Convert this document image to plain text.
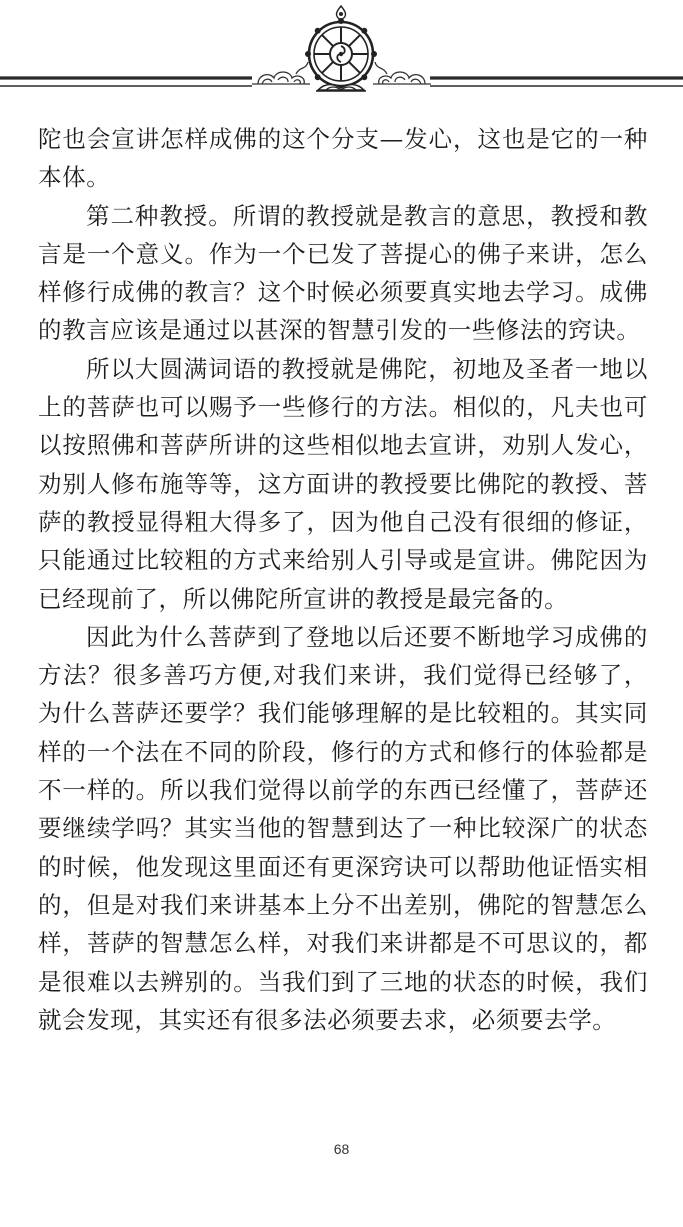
陀也会宣讲怎样成佛的这个分支—发心，这也是它的一种本体。

第二种教授。所谓的教授就是教言的意思，教授和教言是一个意义。作为一个已发了菩提心的佛子来讲，怎么样修行成佛的教言？这个时候必须要真实地去学习。成佛的教言应该是通过以甚深的智慧引发的一些修法的窍诀。

所以大圆满词语的教授就是佛陀，初地及圣者一地以上的菩萨也可以赐予一些修行的方法。相似的，凡夫也可以按照佛和菩萨所讲的这些相似地去宣讲，劝别人发心，劝别人修布施等等，这方面讲的教授要比佛陀的教授、菩萨的教授显得粗大得多了，因为他自己没有很细的修证，只能通过比较粗的方式来给别人引导或是宣讲。佛陀因为已经现前了，所以佛陀所宣讲的教授是最完备的。

因此为什么菩萨到了登地以后还要不断地学习成佛的方法？很多善巧方便,对我们来讲，我们觉得已经够了，为什么菩萨还要学？我们能够理解的是比较粗的。其实同样的一个法在不同的阶段，修行的方式和修行的体验都是不一样的。所以我们觉得以前学的东西已经懂了，菩萨还要继续学吗？其实当他的智慧到达了一种比较深广的状态的时候，他发现这里面还有更深窍诀可以帮助他证悟实相的，但是对我们来讲基本上分不出差别，佛陀的智慧怎么样，菩萨的智慧怎么样，对我们来讲都是不可思议的，都是很难以去辨别的。当我们到了三地的状态的时候，我们就会发现，其实还有很多法必须要去求，必须要去学。

68
